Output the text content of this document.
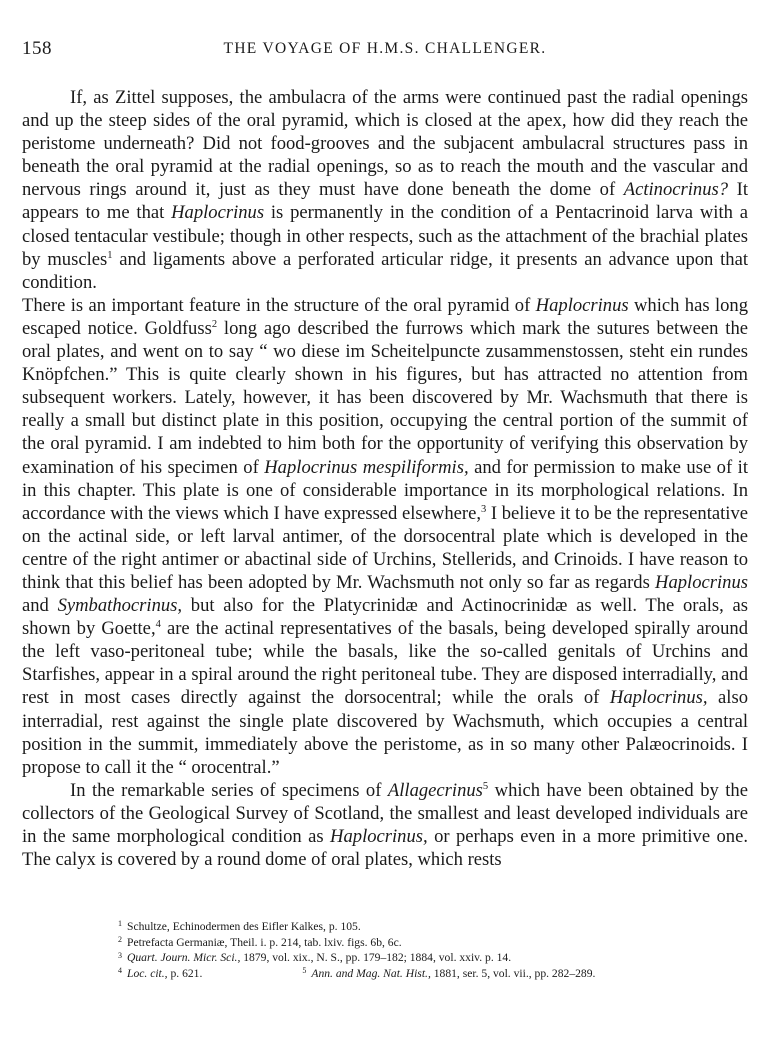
158	THE VOYAGE OF H.M.S. CHALLENGER.

If, as Zittel supposes, the ambulacra of the arms were continued past the radial openings and up the steep sides of the oral pyramid, which is closed at the apex, how did they reach the peristome underneath? Did not food-grooves and the subjacent ambulacral structures pass in beneath the oral pyramid at the radial openings, so as to reach the mouth and the vascular and nervous rings around it, just as they must have done beneath the dome of Actinocrinus? It appears to me that Haplocrinus is permanently in the condition of a Pentacrinoid larva with a closed tentacular vestibule; though in other respects, such as the attachment of the brachial plates by muscles$^1$ and ligaments above a perforated articular ridge, it presents an advance upon that condition.

There is an important feature in the structure of the oral pyramid of Haplocrinus which has long escaped notice. Goldfuss$^2$ long ago described the furrows which mark the sutures between the oral plates, and went on to say “ wo diese im Scheitelpuncte zusammenstossen, steht ein rundes Knöpfchen.” This is quite clearly shown in his figures, but has attracted no attention from subsequent workers. Lately, however, it has been discovered by Mr. Wachsmuth that there is really a small but distinct plate in this position, occupying the central portion of the summit of the oral pyramid. I am indebted to him both for the opportunity of verifying this observation by examination of his specimen of Haplocrinus mespiliformis, and for permission to make use of it in this chapter. This plate is one of considerable importance in its morphological relations. In accordance with the views which I have expressed elsewhere,$^3$ I believe it to be the representative on the actinal side, or left larval antimer, of the dorsocentral plate which is developed in the centre of the right antimer or abactinal side of Urchins, Stellerids, and Crinoids. I have reason to think that this belief has been adopted by Mr. Wachsmuth not only so far as regards Haplocrinus and Symbathocrinus, but also for the Platycrinidæ and Actinocrinidæ as well. The orals, as shown by Goette,$^4$ are the actinal representatives of the basals, being developed spirally around the left vaso-peritoneal tube; while the basals, like the so-called genitals of Urchins and Starfishes, appear in a spiral around the right peritoneal tube. They are disposed interradially, and rest in most cases directly against the dorsocentral; while the orals of Haplocrinus, also interradial, rest against the single plate discovered by Wachsmuth, which occupies a central position in the summit, immediately above the peristome, as in so many other Palæocrinoids. I propose to call it the “ orocentral.”

In the remarkable series of specimens of Allagecrinus$^5$ which have been obtained by the collectors of the Geological Survey of Scotland, the smallest and least developed individuals are in the same morphological condition as Haplocrinus, or perhaps even in a more primitive one. The calyx is covered by a round dome of oral plates, which rests

$^1$ Schultze, Echinodermen des Eifler Kalkes, p. 105.
$^2$ Petrefacta Germaniæ, Theil. i. p. 214, tab. lxiv. figs. 6b, 6c.
$^3$ Quart. Journ. Micr. Sci., 1879, vol. xix., N. S., pp. 179–182; 1884, vol. xxiv. p. 14.
$^4$ Loc. cit., p. 621.	$^5$ Ann. and Mag. Nat. Hist., 1881, ser. 5, vol. vii., pp. 282–289.
